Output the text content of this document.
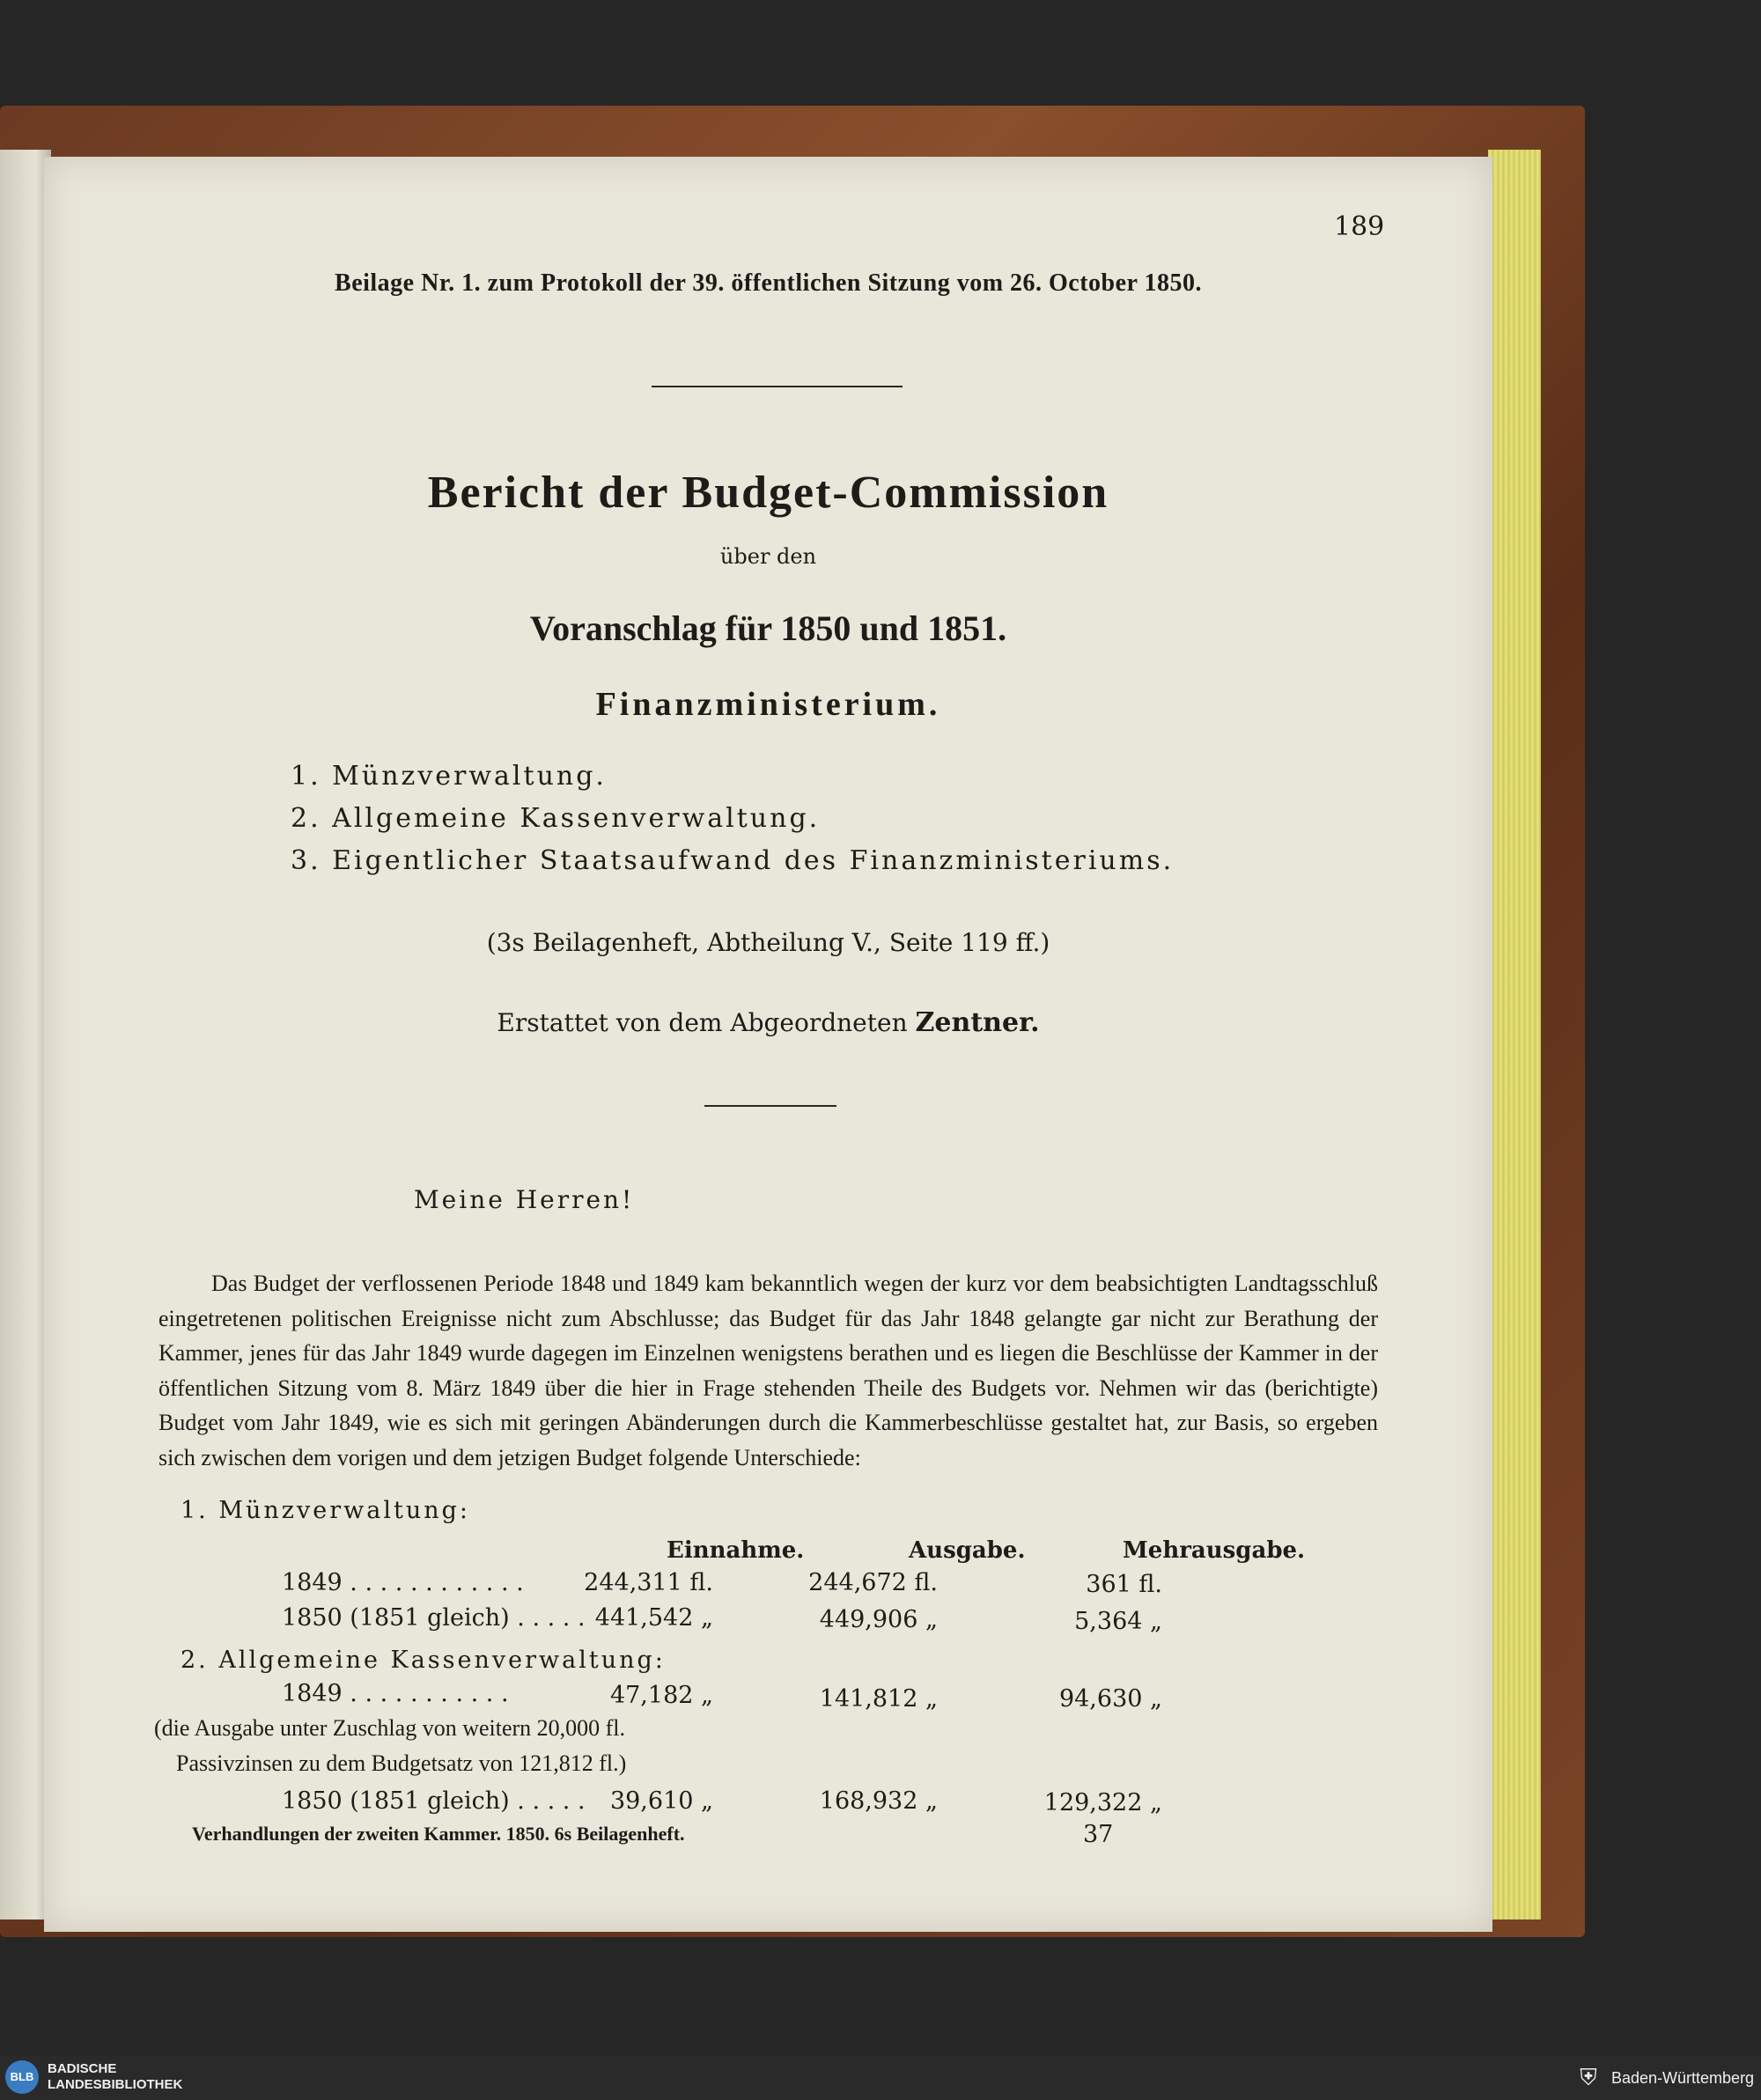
189

Beilage Nr. 1. zum Protokoll der 39. öffentlichen Sitzung vom 26. October 1850.

Bericht der Budget-Commission

über den

Voranschlag für 1850 und 1851.

Finanzministerium.

1. Münzverwaltung.

2. Allgemeine Kassenverwaltung.

3. Eigentlicher Staatsaufwand des Finanzministeriums.

(3s Beilagenheft, Abtheilung V., Seite 119 ff.)

Erstattet von dem Abgeordneten Zentner.

Meine Herren!

Das Budget der verflossenen Periode 1848 und 1849 kam bekanntlich wegen der kurz vor dem beabsichtigten Landtagsschluß eingetretenen politischen Ereignisse nicht zum Abschlusse; das Budget für das Jahr 1848 gelangte gar nicht zur Berathung der Kammer, jenes für das Jahr 1849 wurde dagegen im Einzelnen wenigstens berathen und es liegen die Beschlüsse der Kammer in der öffentlichen Sitzung vom 8. März 1849 über die hier in Frage stehenden Theile des Budgets vor. Nehmen wir das (berichtigte) Budget vom Jahr 1849, wie es sich mit geringen Abänderungen durch die Kammerbeschlüsse gestaltet hat, zur Basis, so ergeben sich zwischen dem vorigen und dem jetzigen Budget folgende Unterschiede:

1. Münzverwaltung:

Einnahme.	Ausgabe.	Mehrausgabe.

1849 . . . . . . . . . . . .	244,311 fl.	244,672 fl.	361 fl.

1850 (1851 gleich) . . . . . 441,542 „	449,906 „	5,364 „

2. Allgemeine Kassenverwaltung:

1849 . . . . . . . . . . .	47,182 „	141,812 „	94,630 „

(die Ausgabe unter Zuschlag von weitern 20,000 fl.

Passivzinsen zu dem Budgetsatz von 121,812 fl.)

1850 (1851 gleich) . . . . .	39,610 „	168,932 „	129,322 „

Verhandlungen der zweiten Kammer. 1850. 6s Beilagenheft.	37

BLB
BADISCHE
LANDESBIBLIOTHEK	⛨ Baden-Württemberg
